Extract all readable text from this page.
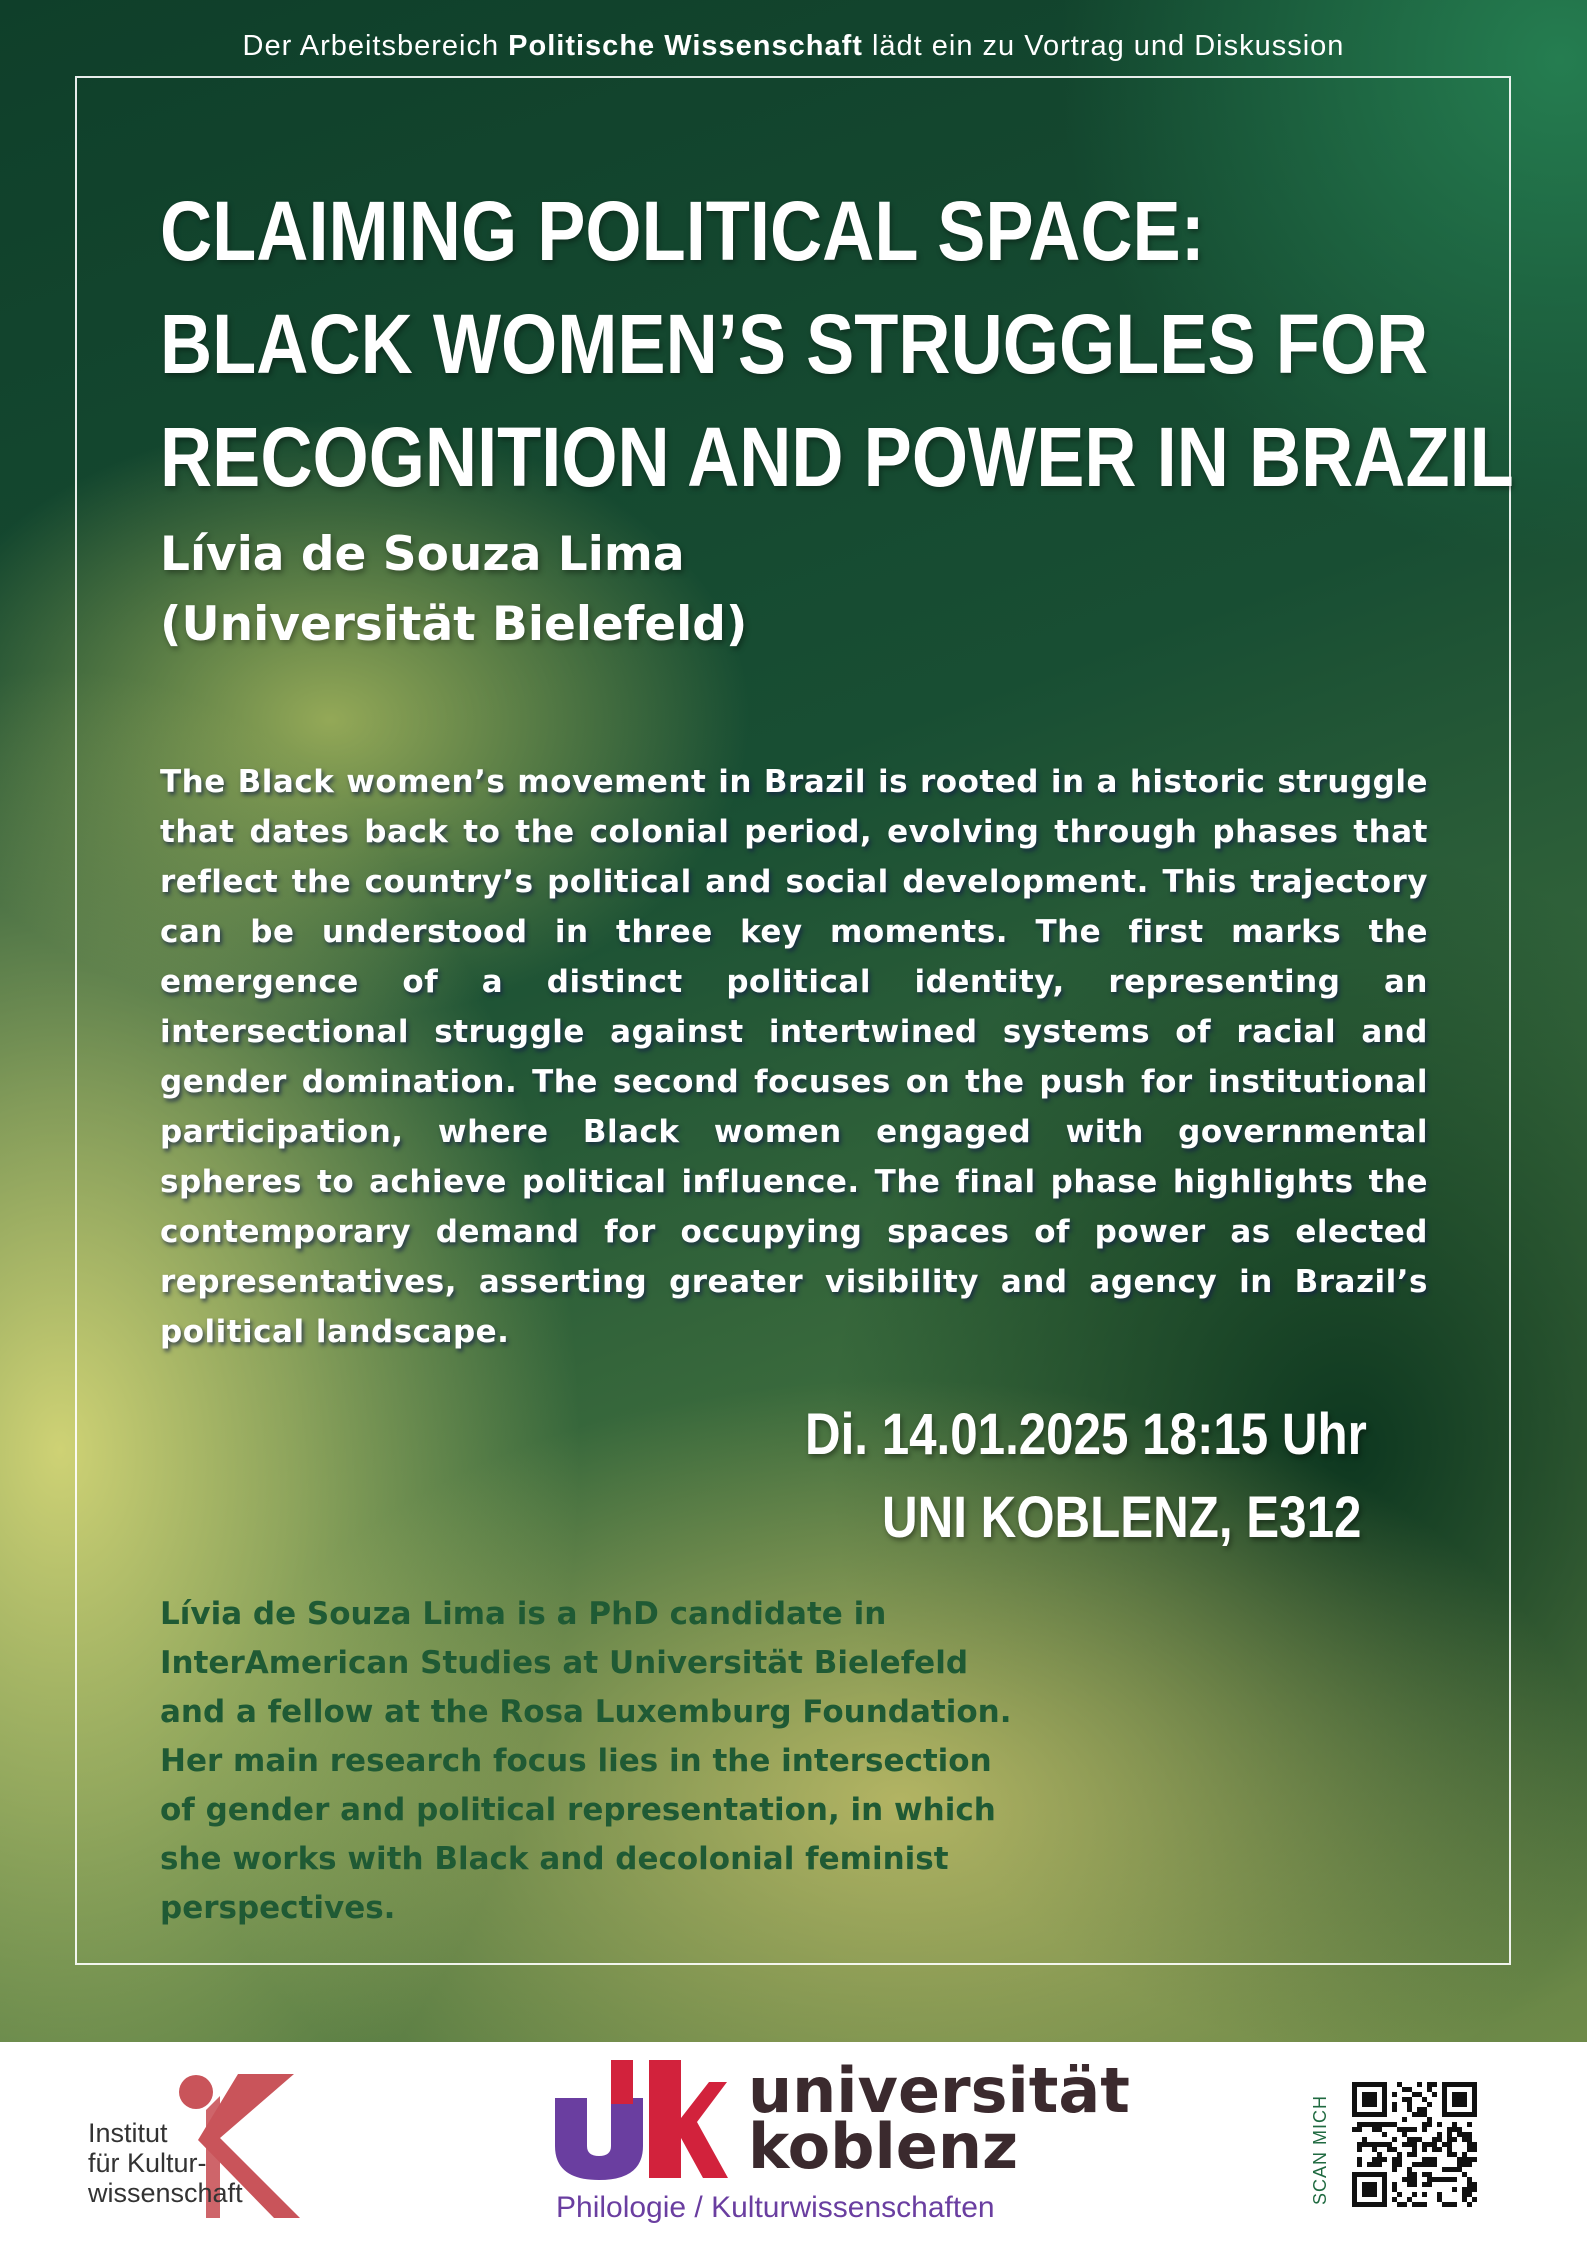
Der Arbeitsbereich Politische Wissenschaft lädt ein zu Vortrag und Diskussion
CLAIMING POLITICAL SPACE:
BLACK WOMEN’S STRUGGLES FOR
RECOGNITION AND POWER IN BRAZIL
Lívia de Souza Lima
(Universität Bielefeld)

The Black women’s movement in Brazil is rooted in a historic struggle that dates back to the colonial period, evolving through phases that reflect the country’s political and social development. This trajectory can be understood in three key moments. The first marks the emergence of a distinct political identity, representing an intersectional struggle against intertwined systems of racial and gender domination. The second focuses on the push for institutional participation, where Black women engaged with governmental spheres to achieve political influence. The final phase highlights the contemporary demand for occupying spaces of power as elected representatives, asserting greater visibility and agency in Brazil’s political landscape.

Di. 14.01.2025 18:15 Uhr
UNI KOBLENZ, E312
Lívia de Souza Lima is a PhD candidate in
InterAmerican Studies at Universität Bielefeld
and a fellow at the Rosa Luxemburg Foundation.
Her main research focus lies in the intersection
of gender and political representation, in which
she works with Black and decolonial feminist
perspectives.
Institut
für Kultur-
wissenschaft
universität
koblenz
Philologie / Kulturwissenschaften
SCAN MICH
